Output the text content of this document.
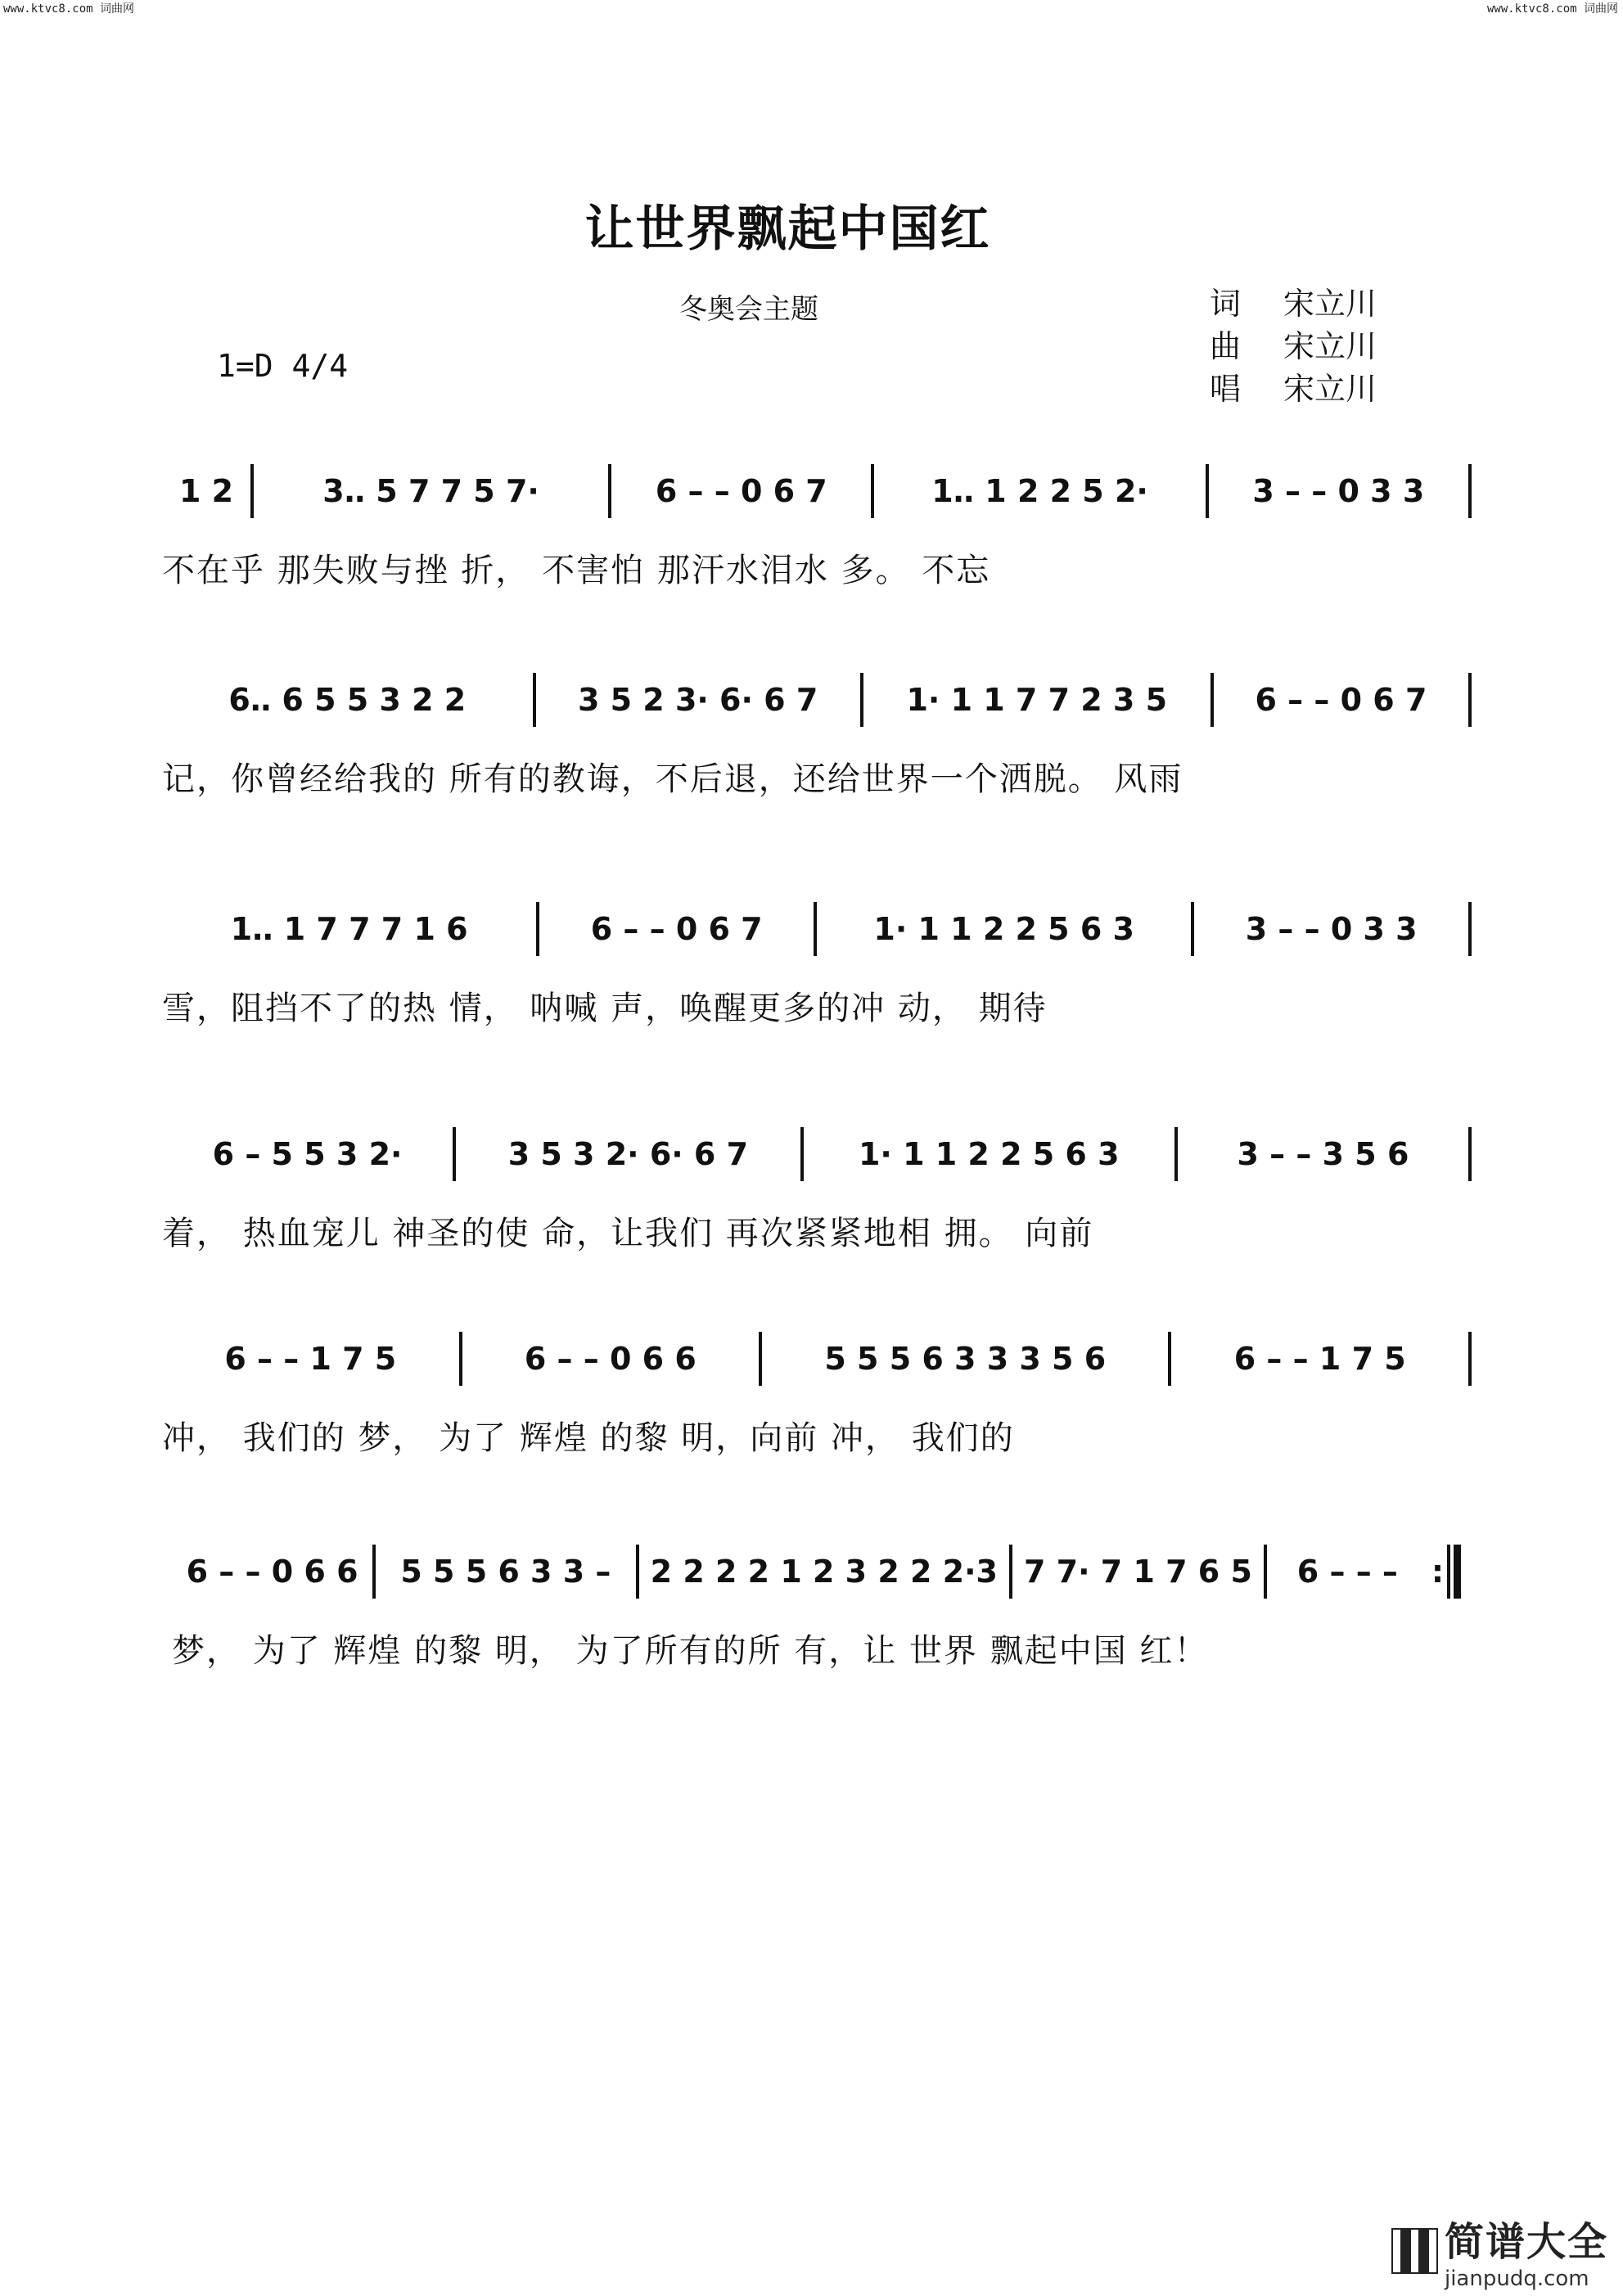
www.ktvc8.com 词曲网	www.ktvc8.com 词曲网
让世界飘起中国红
冬奥会主题	词 宋立川
曲 宋立川
唱 宋立川
1=D 4/4
1 2	3‥ 5 7 7 5 7·	6 – – 0 6 7	1‥ 1 2 2 5 2·	3 – – 0 3 3
不在乎 那失败与挫 折， 不害怕 那汗水泪水 多。 不忘
6‥ 6 5 5 3 2 2	3 5 2 3· 6· 6 7	1· 1 1 7 7 2 3 5	6 – – 0 6 7
记，你曾经给我的 所有的教诲，不后退，还给世界一个洒脱。 风雨
1‥ 1 7 7 7 1 6	6 – – 0 6 7	1· 1 1 2 2 5 6 3	3 – – 0 3 3
雪，阻挡不了的热 情， 呐喊 声，唤醒更多的冲 动， 期待
6 – 5 5 3 2·	3 5 3 2· 6· 6 7	1· 1 1 2 2 5 6 3	3 – – 3 5 6
着， 热血宠儿 神圣的使 命，让我们 再次紧紧地相 拥。 向前
6 – – 1 7 5	6 – – 0 6 6	5 5 5 6 3 3 3 5 6	6 – – 1 7 5
冲， 我们的 梦， 为了 辉煌 的黎 明，向前 冲， 我们的
6 – – 0 6 6	5 5 5 6 3 3 –	2 2 2 2 1 2 3 2 2 2·3 7 7· 7 1 7 6 5	6 – – –	:
梦， 为了 辉煌 的黎 明， 为了所有的所 有，让 世界 飘起中国 红！
简谱大全
jianpudq.com
